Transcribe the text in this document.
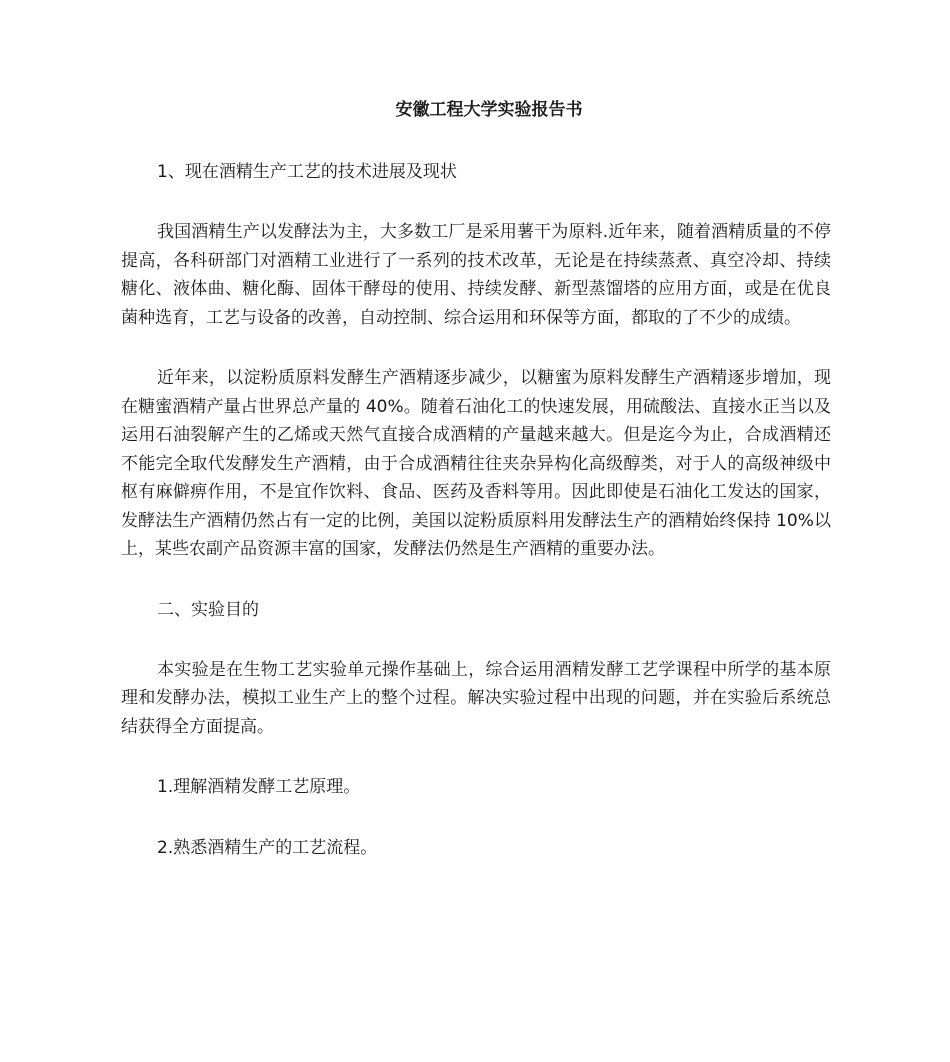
安徽工程大学实验报告书
1、现在酒精生产工艺的技术进展及现状

我国酒精生产以发酵法为主，大多数工厂是采用薯干为原料.近年来，随着酒精质量的不停提高，各科研部门对酒精工业进行了一系列的技术改革，无论是在持续蒸煮、真空冷却、持续糖化、液体曲、糖化酶、固体干酵母的使用、持续发酵、新型蒸馏塔的应用方面，或是在优良菌种选育，工艺与设备的改善，自动控制、综合运用和环保等方面，都取的了不少的成绩。

近年来，以淀粉质原料发酵生产酒精逐步减少，以糖蜜为原料发酵生产酒精逐步增加，现在糖蜜酒精产量占世界总产量的 40%。随着石油化工的快速发展，用硫酸法、直接水正当以及运用石油裂解产生的乙烯或天然气直接合成酒精的产量越来越大。但是迄今为止，合成酒精还不能完全取代发酵发生产酒精，由于合成酒精往往夹杂异构化高级醇类，对于人的高级神级中枢有麻僻痹作用，不是宜作饮料、食品、医药及香料等用。因此即使是石油化工发达的国家，发酵法生产酒精仍然占有一定的比例，美国以淀粉质原料用发酵法生产的酒精始终保持 10%以上，某些农副产品资源丰富的国家，发酵法仍然是生产酒精的重要办法。

二、实验目的

本实验是在生物工艺实验单元操作基础上，综合运用酒精发酵工艺学课程中所学的基本原理和发酵办法，模拟工业生产上的整个过程。解决实验过程中出现的问题，并在实验后系统总结获得全方面提高。

1.理解酒精发酵工艺原理。

2.熟悉酒精生产的工艺流程。
